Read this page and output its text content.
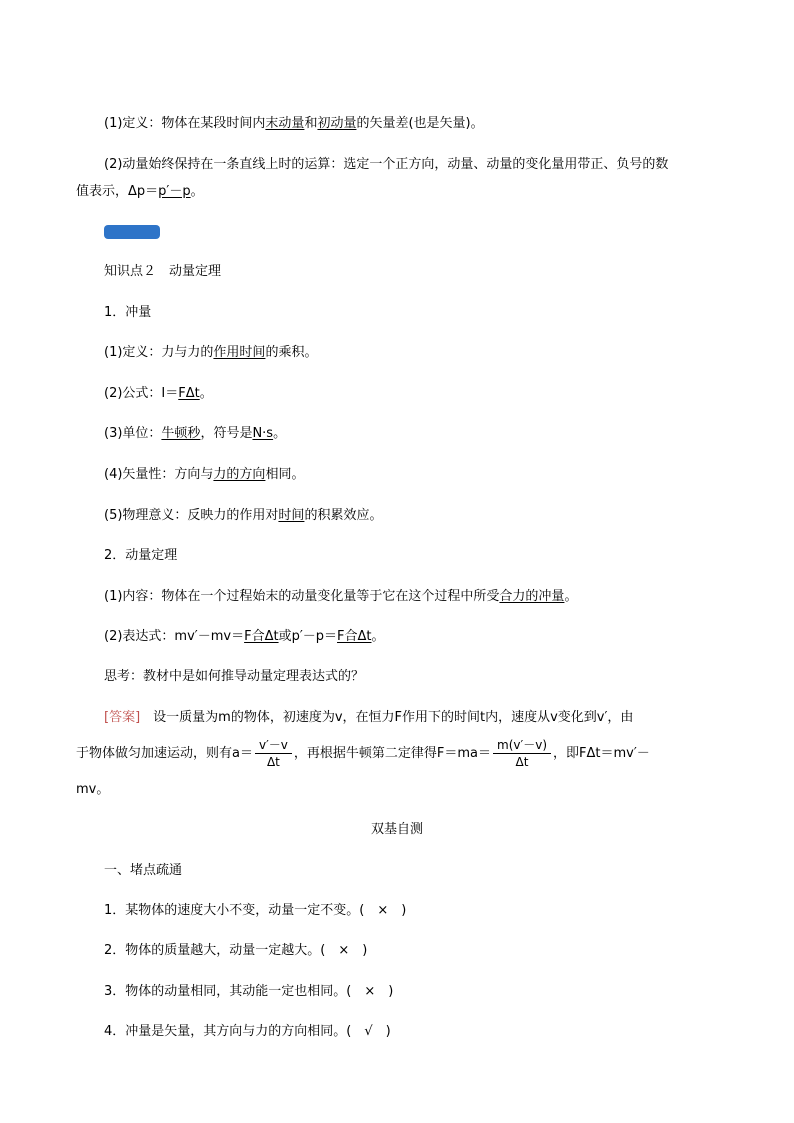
(1)定义：物体在某段时间内末动量和初动量的矢量差(也是矢量)。
(2)动量始终保持在一条直线上时的运算：选定一个正方向，动量、动量的变化量用带正、负号的数
值表示，Δp＝p′－p。
知识点２　动量定理
1．冲量
(1)定义：力与力的作用时间的乘积。
(2)公式：I＝FΔt。
(3)单位：牛顿秒，符号是N·s。
(4)矢量性：方向与力的方向相同。
(5)物理意义：反映力的作用对时间的积累效应。
2．动量定理
(1)内容：物体在一个过程始末的动量变化量等于它在这个过程中所受合力的冲量。
(2)表达式：mv′－mv＝F合Δt或p′－p＝F合Δt。
思考：教材中是如何推导动量定理表达式的？
[答案]　设一质量为m的物体，初速度为v，在恒力F作用下的时间t内，速度从v变化到v′，由
于物体做匀加速运动，则有$a= \frac{v'-v}{\Delta t}$ ，再根据牛顿第二定律得$F=ma= \frac{m(v'-v)}{\Delta t}$ ，即FΔt＝mv′－
mv。
双基自测
一、堵点疏通
1．某物体的速度大小不变，动量一定不变。(　×　)
2．物体的质量越大，动量一定越大。(　×　)
3．物体的动量相同，其动能一定也相同。(　×　)
4．冲量是矢量，其方向与力的方向相同。(　√　)
